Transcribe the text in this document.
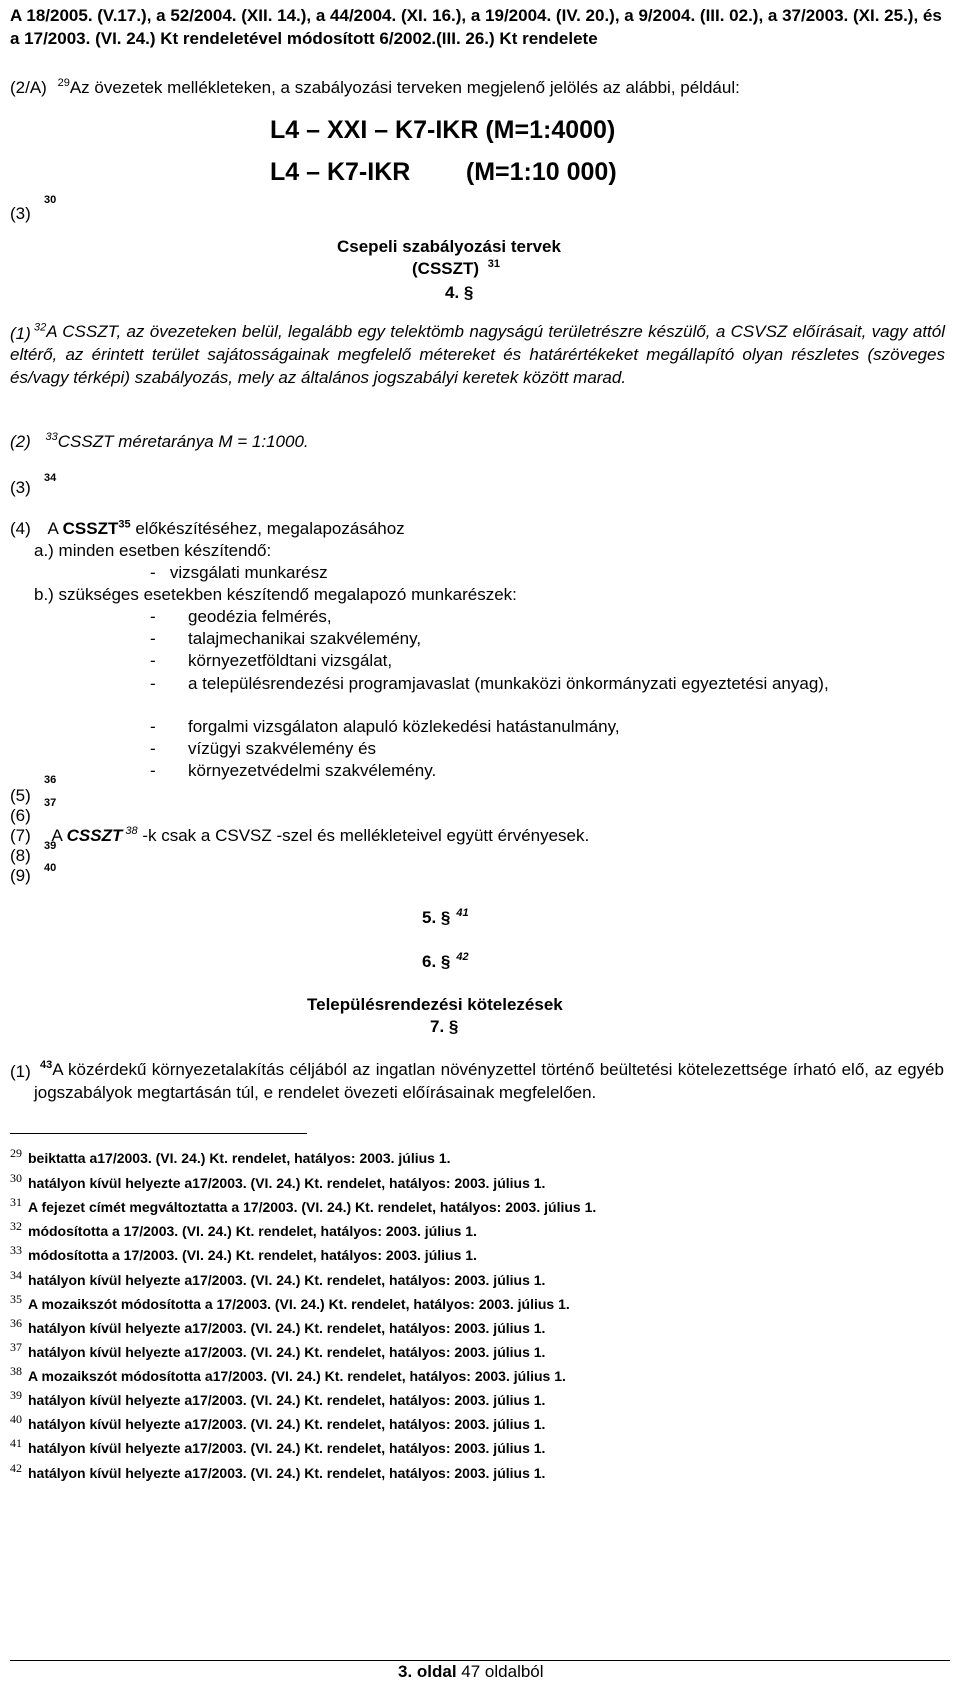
A 18/2005. (V.17.), a 52/2004. (XII. 14.), a 44/2004. (XI. 16.), a 19/2004. (IV. 20.), a 9/2004. (III. 02.), a 37/2003. (XI. 25.), és a 17/2003. (VI. 24.) Kt rendeletével módosított 6/2002.(III. 26.) Kt rendelete
(2/A) $^{29}$Az övezetek mellékleteken, a szabályozási terveken megjelenő jelölés az alábbi, például:
L4 – XXI – K7-IKR (M=1:4000)
L4 – K7-IKR        (M=1:10 000)
(3)
30
Csepeli szabályozási tervek
(CSSZT) $^{31}$
4. §
(1) $^{32}$A CSSZT, az övezeteken belül, legalább egy telektömb nagyságú területrészre készülő, a CSVSZ előírásait, vagy attól eltérő, az érintett terület sajátosságainak megfelelő métereket és határértékeket megállapító olyan részletes (szöveges és/vagy térképi) szabályozás, mely az általános jogszabályi keretek között marad.
(2) $^{33}$CSSZT méretaránya M = 1:1000.
(3) 34
(4) A CSSZT$^{35}$ előkészítéséhez, megalapozásához
a.) minden esetben készítendő:
-   vizsgálati munkarész
b.) szükséges esetekben készítendő megalapozó munkarészek:
- geodézia felmérés,
- talajmechanikai szakvélemény,
- környezetföldtani vizsgálat,
- a településrendezési programjavaslat (munkaközi önkormányzati egyeztetési anyag),
- forgalmi vizsgálaton alapuló közlekedési hatástanulmány,
- vízügyi szakvélemény és
- környezetvédelmi szakvélemény.
(5)
36
(6)
37
(7) A CSSZT $^{38}$ -k csak a CSVSZ -szel és mellékleteivel együtt érvényesek.
(8) 39
(9) 40
5. § $^{41}$
6. § $^{42}$
Településrendezési kötelezések
7. §
(1) $^{43}$A közérdekű környezetalakítás céljából az ingatlan növényzettel történő beültetési kötelezettsége írható elő, az egyéb jogszabályok megtartásán túl, e rendelet övezeti előírásainak megfelelően.
29 beiktatta a17/2003. (VI. 24.) Kt. rendelet, hatályos: 2003. július 1.
30 hatályon kívül helyezte a17/2003. (VI. 24.) Kt. rendelet, hatályos: 2003. július 1.
31 A fejezet címét megváltoztatta a 17/2003. (VI. 24.) Kt. rendelet, hatályos: 2003. július 1.
32 módosította a 17/2003. (VI. 24.) Kt. rendelet, hatályos: 2003. július 1.
33 módosította a 17/2003. (VI. 24.) Kt. rendelet, hatályos: 2003. július 1.
34 hatályon kívül helyezte a17/2003. (VI. 24.) Kt. rendelet, hatályos: 2003. július 1.
35 A mozaikszót módosította a 17/2003. (VI. 24.) Kt. rendelet, hatályos: 2003. július 1.
36 hatályon kívül helyezte a17/2003. (VI. 24.) Kt. rendelet, hatályos: 2003. július 1.
37 hatályon kívül helyezte a17/2003. (VI. 24.) Kt. rendelet, hatályos: 2003. július 1.
38 A mozaikszót módosította a17/2003. (VI. 24.) Kt. rendelet, hatályos: 2003. július 1.
39 hatályon kívül helyezte a17/2003. (VI. 24.) Kt. rendelet, hatályos: 2003. július 1.
40 hatályon kívül helyezte a17/2003. (VI. 24.) Kt. rendelet, hatályos: 2003. július 1.
41 hatályon kívül helyezte a17/2003. (VI. 24.) Kt. rendelet, hatályos: 2003. július 1.
42 hatályon kívül helyezte a17/2003. (VI. 24.) Kt. rendelet, hatályos: 2003. július 1.
3. oldal 47 oldalból
